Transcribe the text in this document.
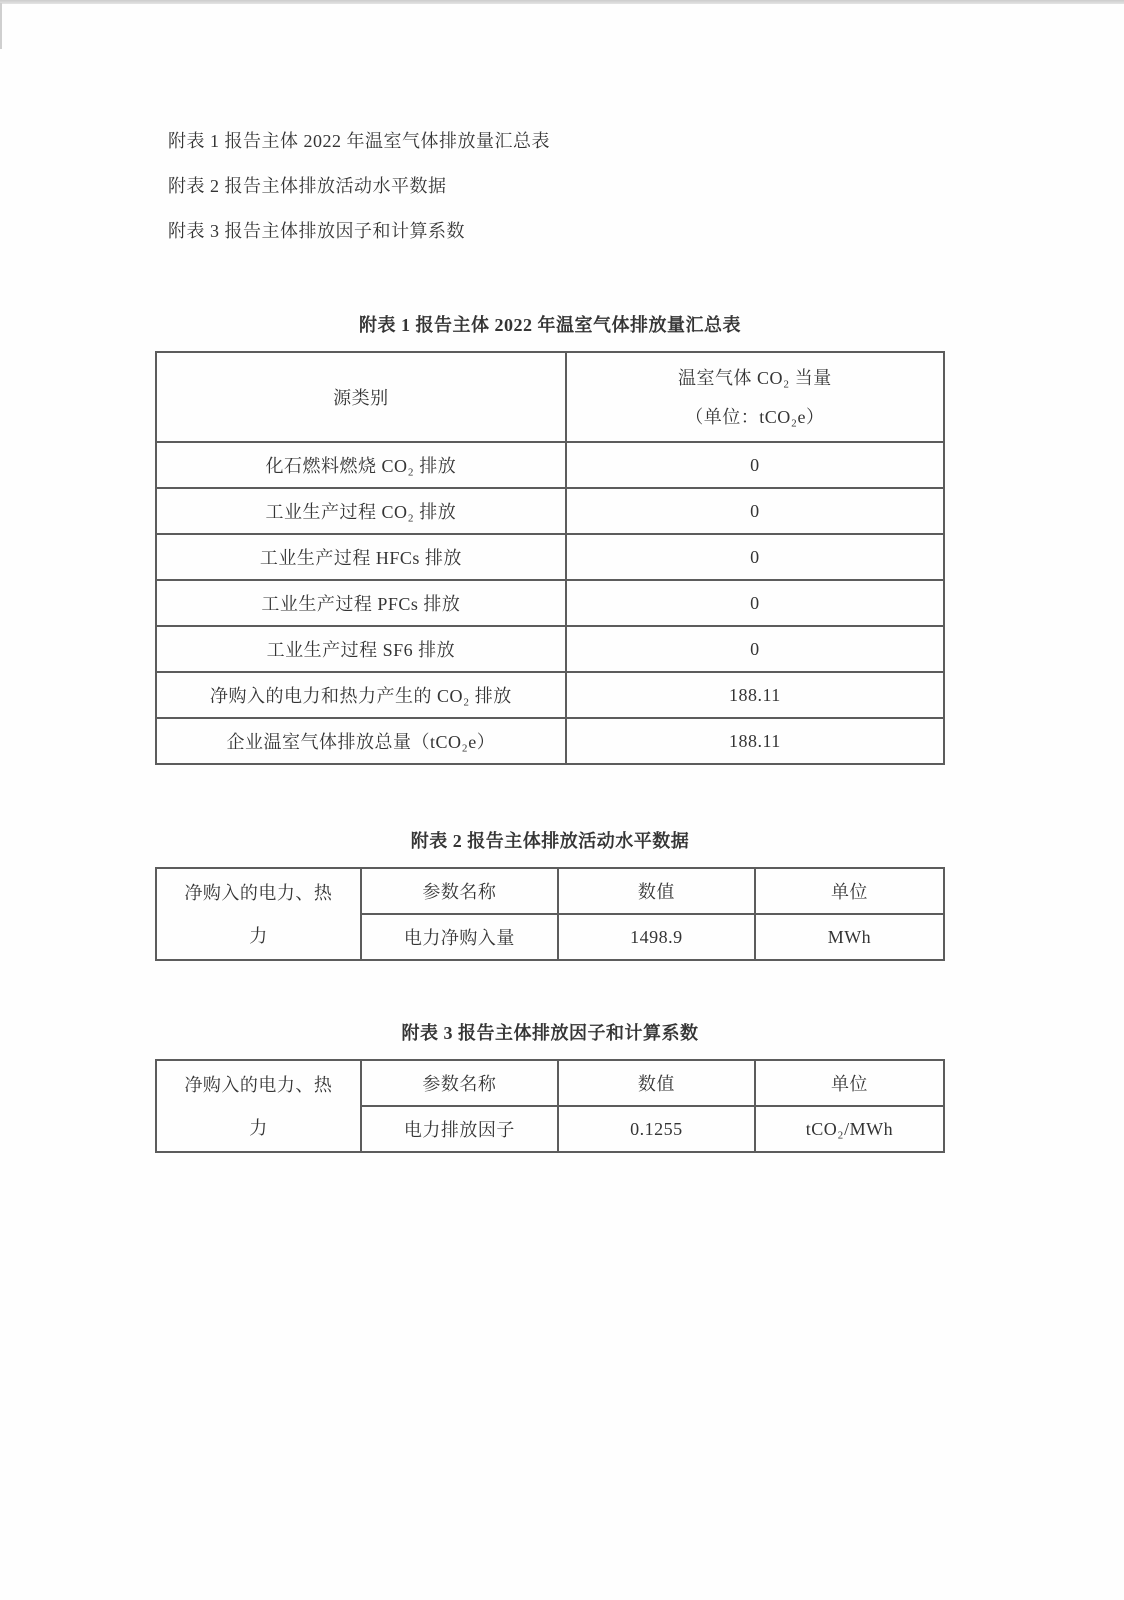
附表 1 报告主体 2022 年温室气体排放量汇总表

附表 2 报告主体排放活动水平数据

附表 3 报告主体排放因子和计算系数

附表 1 报告主体 2022 年温室气体排放量汇总表
源类别	温室气体 CO₂ 当量
（单位：tCO₂e）

化石燃料燃烧 CO₂ 排放	0
工业生产过程 CO₂ 排放	0
工业生产过程 HFCs 排放	0
工业生产过程 PFCs 排放	0
工业生产过程 SF6 排放	0
净购入的电力和热力产生的 CO₂ 排放	188.11
企业温室气体排放总量（tCO₂e）	188.11
附表 2 报告主体排放活动水平数据
净购入的电力、热
力	参数名称	数值	单位
	电力净购入量	1498.9	MWh
附表 3 报告主体排放因子和计算系数
净购入的电力、热
力	参数名称	数值	单位
	电力排放因子	0.1255	tCO₂/MWh
